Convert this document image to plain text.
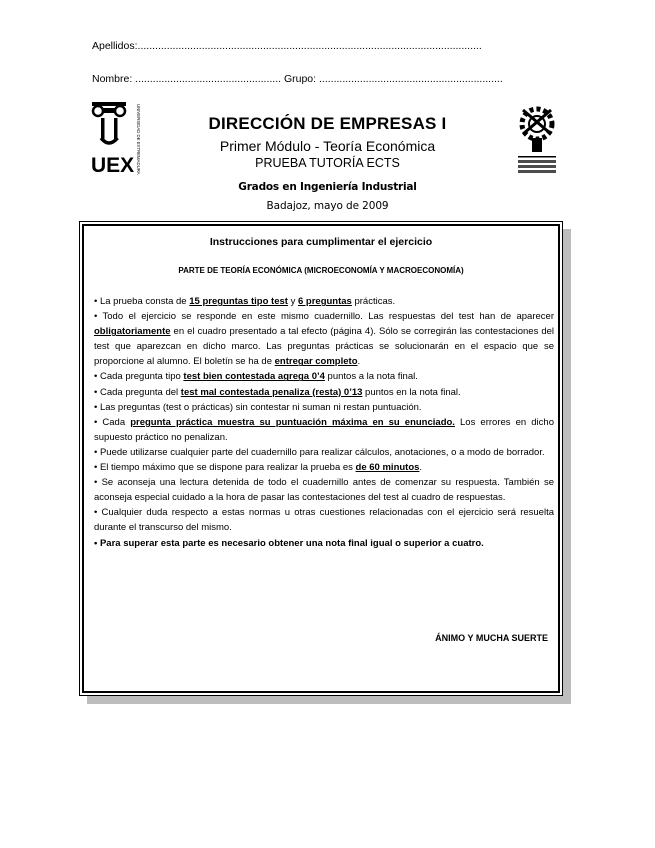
Apellidos:......................................................................................................................
Nombre: .................................................. Grupo: ...............................................................
UEX UNIVERSIDAD DE EXTREMADURA	DIRECCIÓN DE EMPRESAS I
Primer Módulo - Teoría Económica
PRUEBA TUTORÍA ECTS
Grados en Ingeniería Industrial
Badajoz, mayo de 2009
Instrucciones para cumplimentar el ejercicio
PARTE DE TEORÍA ECONÓMICA (MICROECONOMÍA Y MACROECONOMÍA)

• La prueba consta de 15 preguntas tipo test y 6 preguntas prácticas.

• Todo el ejercicio se responde en este mismo cuadernillo. Las respuestas del test han de aparecer obligatoriamente en el cuadro presentado a tal efecto (página 4). Sólo se corregirán las contestaciones del test que aparezcan en dicho marco. Las preguntas prácticas se solucionarán en el espacio que se proporcione al alumno. El boletín se ha de entregar completo.

• Cada pregunta tipo test bien contestada agrega 0’4 puntos a la nota final.

• Cada pregunta del test mal contestada penaliza (resta) 0’13 puntos en la nota final.

• Las preguntas (test o prácticas) sin contestar ni suman ni restan puntuación.

• Cada pregunta práctica muestra su puntuación máxima en su enunciado. Los errores en dicho supuesto práctico no penalizan.

• Puede utilizarse cualquier parte del cuadernillo para realizar cálculos, anotaciones, o a modo de borrador.

• El tiempo máximo que se dispone para realizar la prueba es de 60 minutos.

• Se aconseja una lectura detenida de todo el cuadernillo antes de comenzar su respuesta. También se aconseja especial cuidado a la hora de pasar las contestaciones del test al cuadro de respuestas.

• Cualquier duda respecto a estas normas u otras cuestiones relacionadas con el ejercicio será resuelta durante el transcurso del mismo.

• Para superar esta parte es necesario obtener una nota final igual o superior a cuatro.

ÁNIMO Y MUCHA SUERTE
